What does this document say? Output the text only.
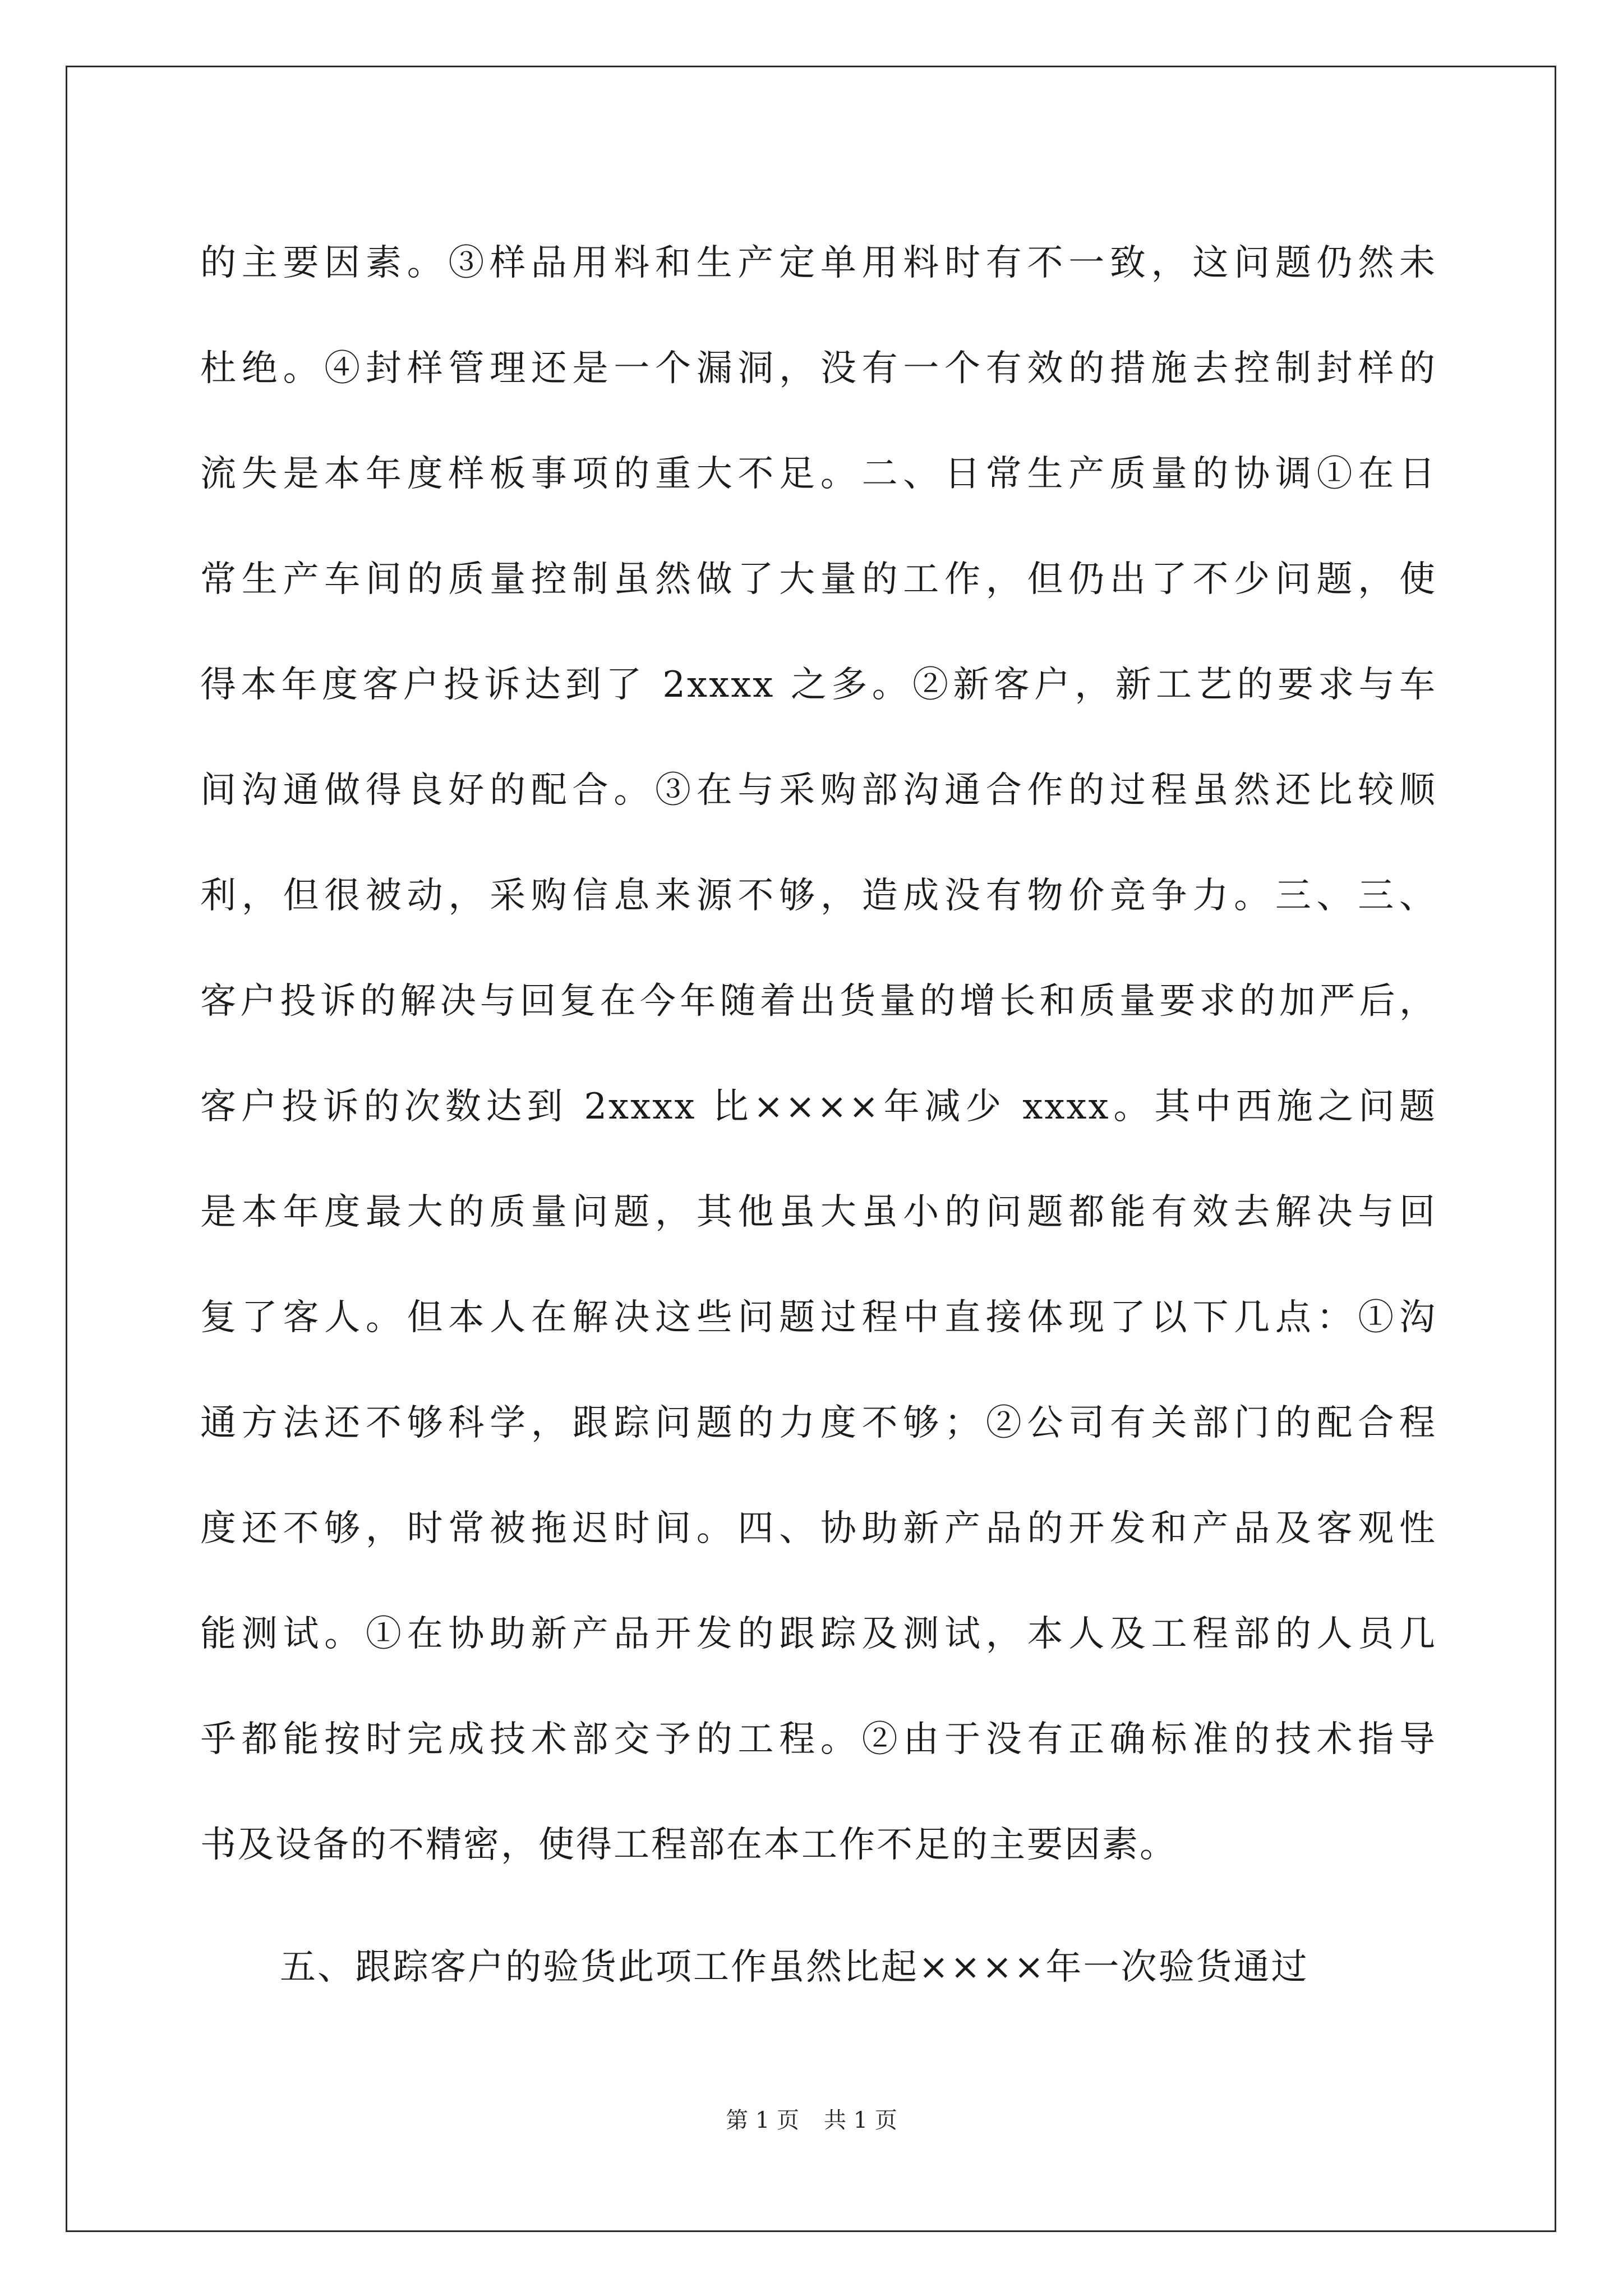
的主要因素。③样品用料和生产定单用料时有不一致，这问题仍然未
杜绝。④封样管理还是一个漏洞，没有一个有效的措施去控制封样的
流失是本年度样板事项的重大不足。二、日常生产质量的协调①在日
常生产车间的质量控制虽然做了大量的工作，但仍出了不少问题，使
得本年度客户投诉达到了 2xxxx 之多。②新客户，新工艺的要求与车
间沟通做得良好的配合。③在与采购部沟通合作的过程虽然还比较顺
利，但很被动，采购信息来源不够，造成没有物价竞争力。三、三、
客户投诉的解决与回复在今年随着出货量的增长和质量要求的加严后，
客户投诉的次数达到 2xxxx 比××××年减少 xxxx。其中西施之问题
是本年度最大的质量问题，其他虽大虽小的问题都能有效去解决与回
复了客人。但本人在解决这些问题过程中直接体现了以下几点：①沟
通方法还不够科学，跟踪问题的力度不够；②公司有关部门的配合程
度还不够，时常被拖迟时间。四、协助新产品的开发和产品及客观性
能测试。①在协助新产品开发的跟踪及测试，本人及工程部的人员几
乎都能按时完成技术部交予的工程。②由于没有正确标准的技术指导
书及设备的不精密，使得工程部在本工作不足的主要因素。
五、跟踪客户的验货此项工作虽然比起××××年一次验货通过
第 1 页 共 1 页
